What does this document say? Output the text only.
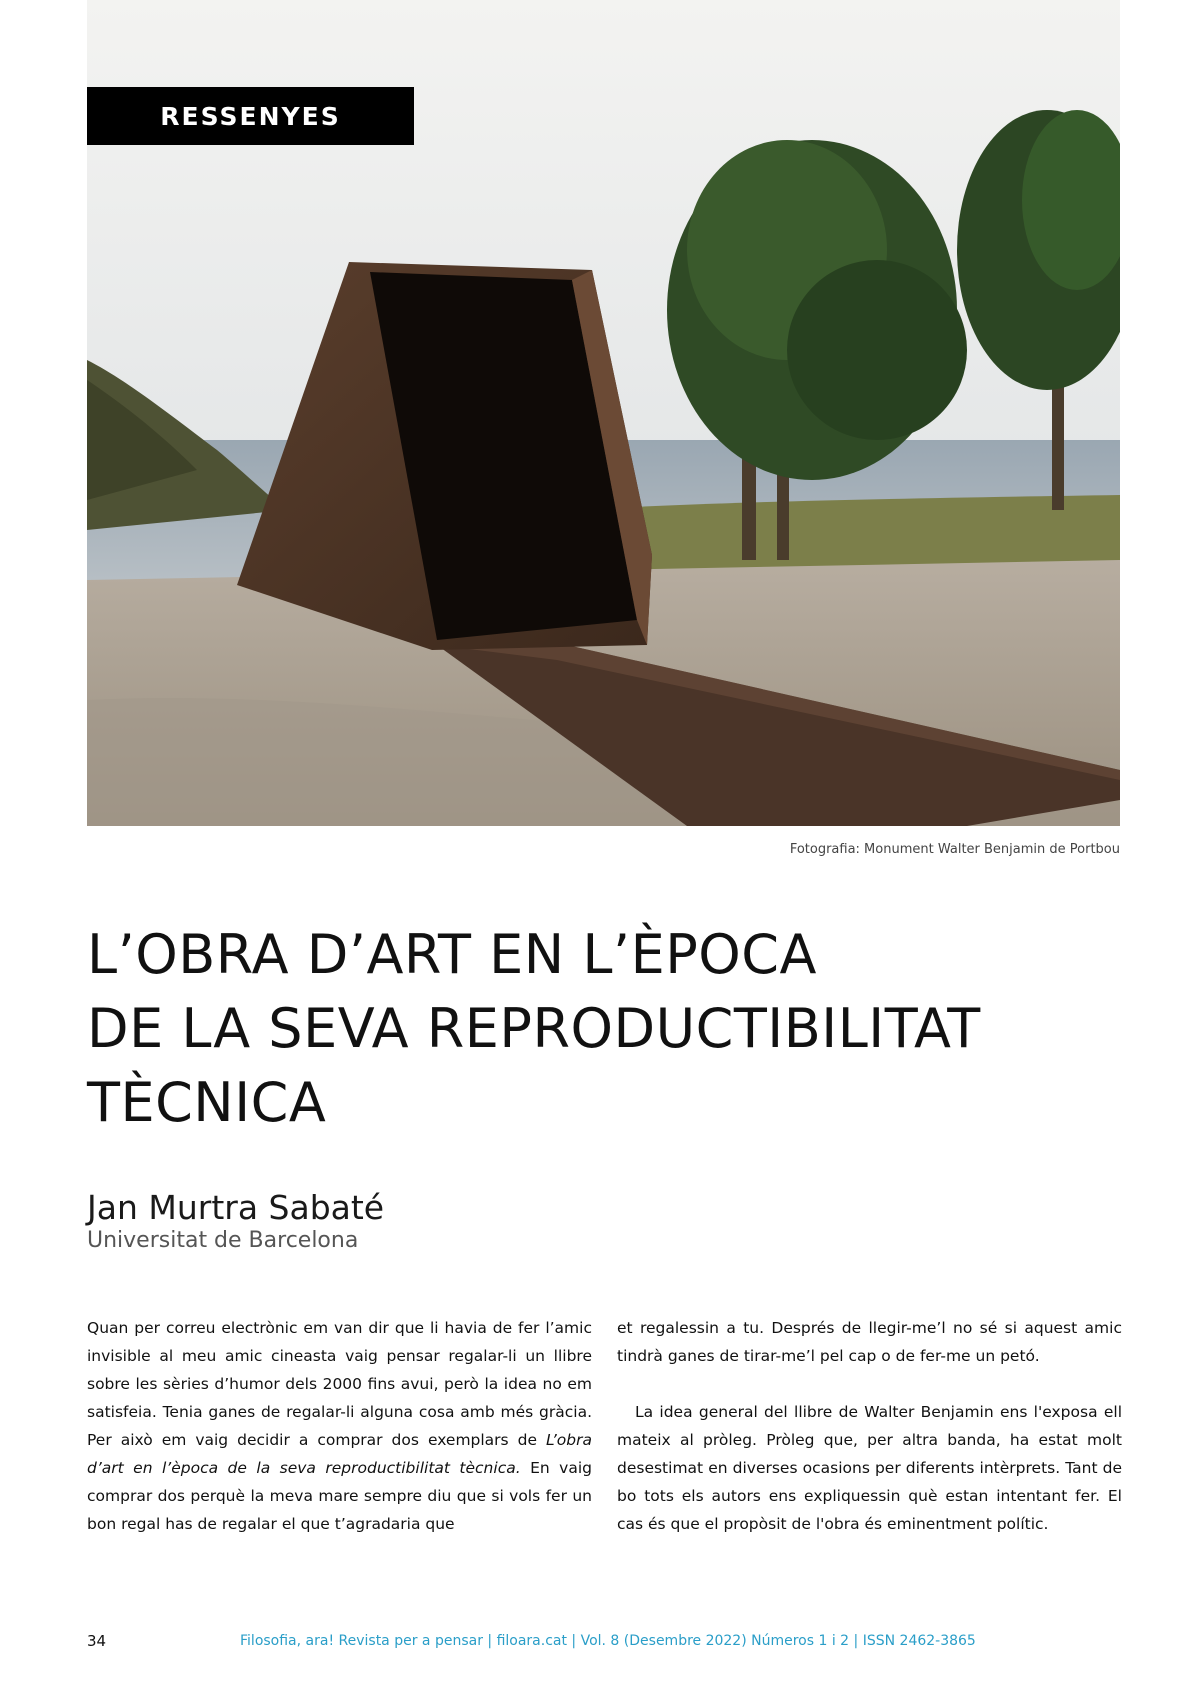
RESSENYES
Fotografia: Monument Walter Benjamin de Portbou
L’OBRA D’ART EN L’ÈPOCA
DE LA SEVA REPRODUCTIBILITAT
TÈCNICA
Jan Murtra Sabaté
Universitat de Barcelona

Quan per correu electrònic em van dir que li havia de fer l’amic invisible al meu amic cineasta vaig pensar regalar-li un llibre sobre les sèries d’humor dels 2000 fins avui, però la idea no em satisfeia. Tenia ganes de regalar-li alguna cosa amb més gràcia. Per això em vaig decidir a comprar dos exemplars de L’obra d’art en l’època de la seva reproductibilitat tècnica. En vaig comprar dos perquè la meva mare sempre diu que si vols fer un bon regal has de regalar el que t’agradaria que

et regalessin a tu. Després de llegir-me’l no sé si aquest amic tindrà ganes de tirar-me’l pel cap o de fer-me un petó.

La idea general del llibre de Walter Benjamin ens l'exposa ell mateix al pròleg. Pròleg que, per altra banda, ha estat molt desestimat en diverses ocasions per diferents intèrprets. Tant de bo tots els autors ens expliquessin què estan intentant fer. El cas és que el propòsit de l'obra és eminentment polític.

34	Filosofia, ara! Revista per a pensar | filoara.cat | Vol. 8 (Desembre 2022) Números 1 i 2 | ISSN 2462-3865
